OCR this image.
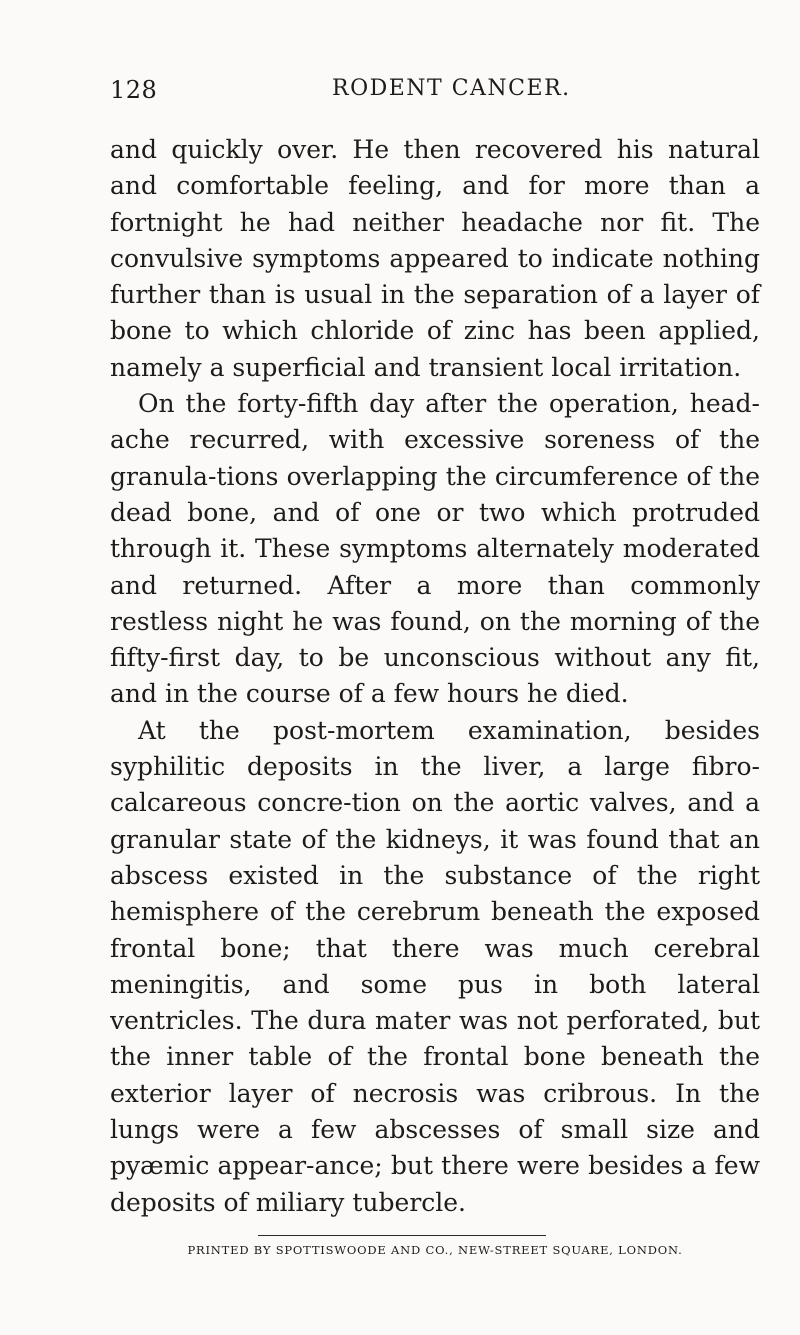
128	RODENT CANCER.

and quickly over. He then recovered his natural and comfortable feeling, and for more than a fortnight he had neither headache nor fit. The convulsive symptoms appeared to indicate nothing further than is usual in the separation of a layer of bone to which chloride of zinc has been applied, namely a superficial and transient local irritation.

On the forty-fifth day after the operation, head-ache recurred, with excessive soreness of the granula-tions overlapping the circumference of the dead bone, and of one or two which protruded through it. These symptoms alternately moderated and returned. After a more than commonly restless night he was found, on the morning of the fifty-first day, to be unconscious without any fit, and in the course of a few hours he died.

At the post-mortem examination, besides syphilitic deposits in the liver, a large fibro-calcareous concre-tion on the aortic valves, and a granular state of the kidneys, it was found that an abscess existed in the substance of the right hemisphere of the cerebrum beneath the exposed frontal bone; that there was much cerebral meningitis, and some pus in both lateral ventricles. The dura mater was not perforated, but the inner table of the frontal bone beneath the exterior layer of necrosis was cribrous. In the lungs were a few abscesses of small size and pyæmic appear-ance; but there were besides a few deposits of miliary tubercle.

PRINTED BY SPOTTISWOODE AND CO., NEW-STREET SQUARE, LONDON.
